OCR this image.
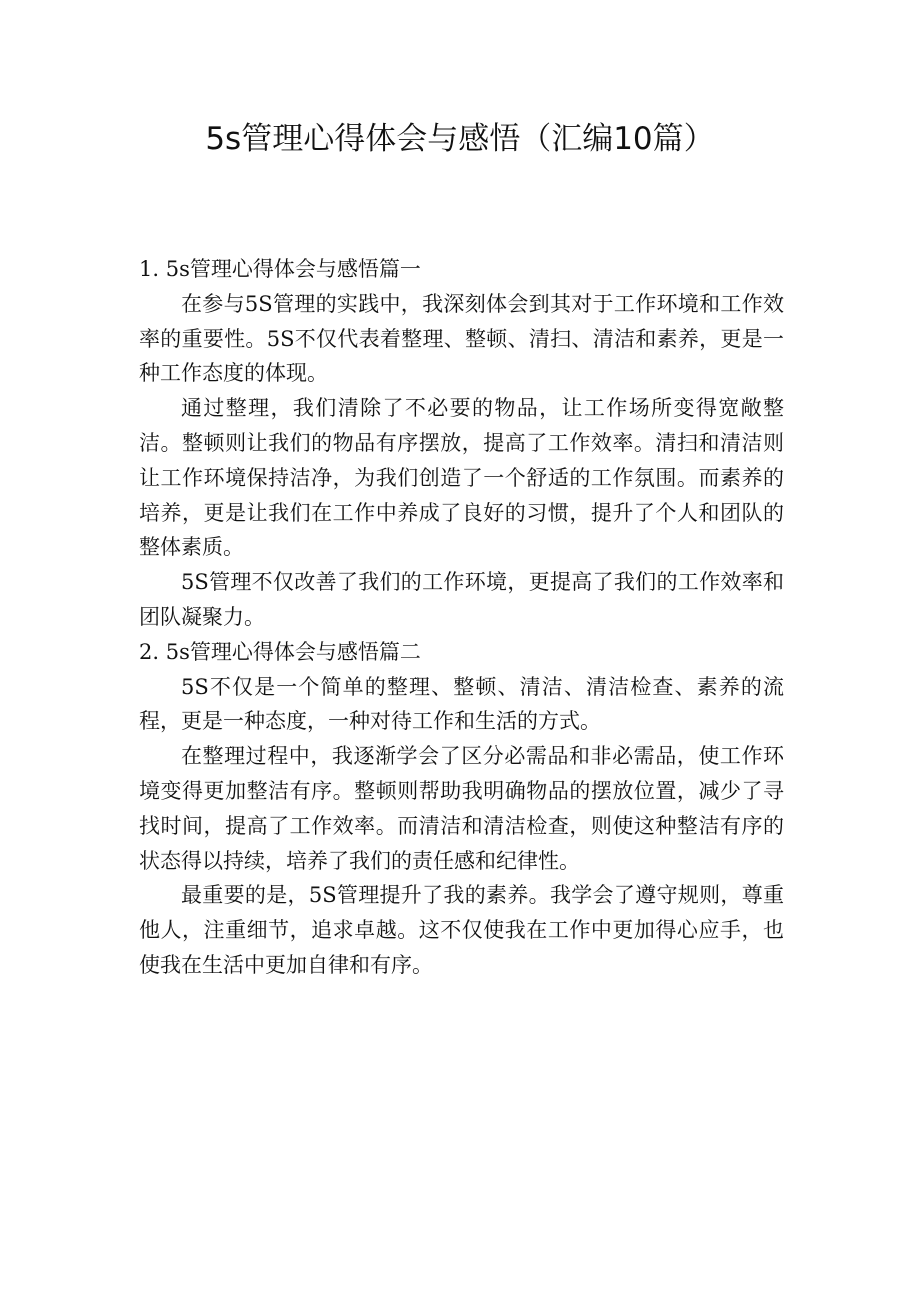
5s管理心得体会与感悟（汇编10篇）

1. 5s管理心得体会与感悟篇一

在参与5S管理的实践中，我深刻体会到其对于工作环境和工作效率的重要性。5S不仅代表着整理、整顿、清扫、清洁和素养，更是一种工作态度的体现。

通过整理，我们清除了不必要的物品，让工作场所变得宽敞整洁。整顿则让我们的物品有序摆放，提高了工作效率。清扫和清洁则让工作环境保持洁净，为我们创造了一个舒适的工作氛围。而素养的培养，更是让我们在工作中养成了良好的习惯，提升了个人和团队的整体素质。

5S管理不仅改善了我们的工作环境，更提高了我们的工作效率和团队凝聚力。

2. 5s管理心得体会与感悟篇二

5S不仅是一个简单的整理、整顿、清洁、清洁检查、素养的流程，更是一种态度，一种对待工作和生活的方式。

在整理过程中，我逐渐学会了区分必需品和非必需品，使工作环境变得更加整洁有序。整顿则帮助我明确物品的摆放位置，减少了寻找时间，提高了工作效率。而清洁和清洁检查，则使这种整洁有序的状态得以持续，培养了我们的责任感和纪律性。

最重要的是，5S管理提升了我的素养。我学会了遵守规则，尊重他人，注重细节，追求卓越。这不仅使我在工作中更加得心应手，也使我在生活中更加自律和有序。
